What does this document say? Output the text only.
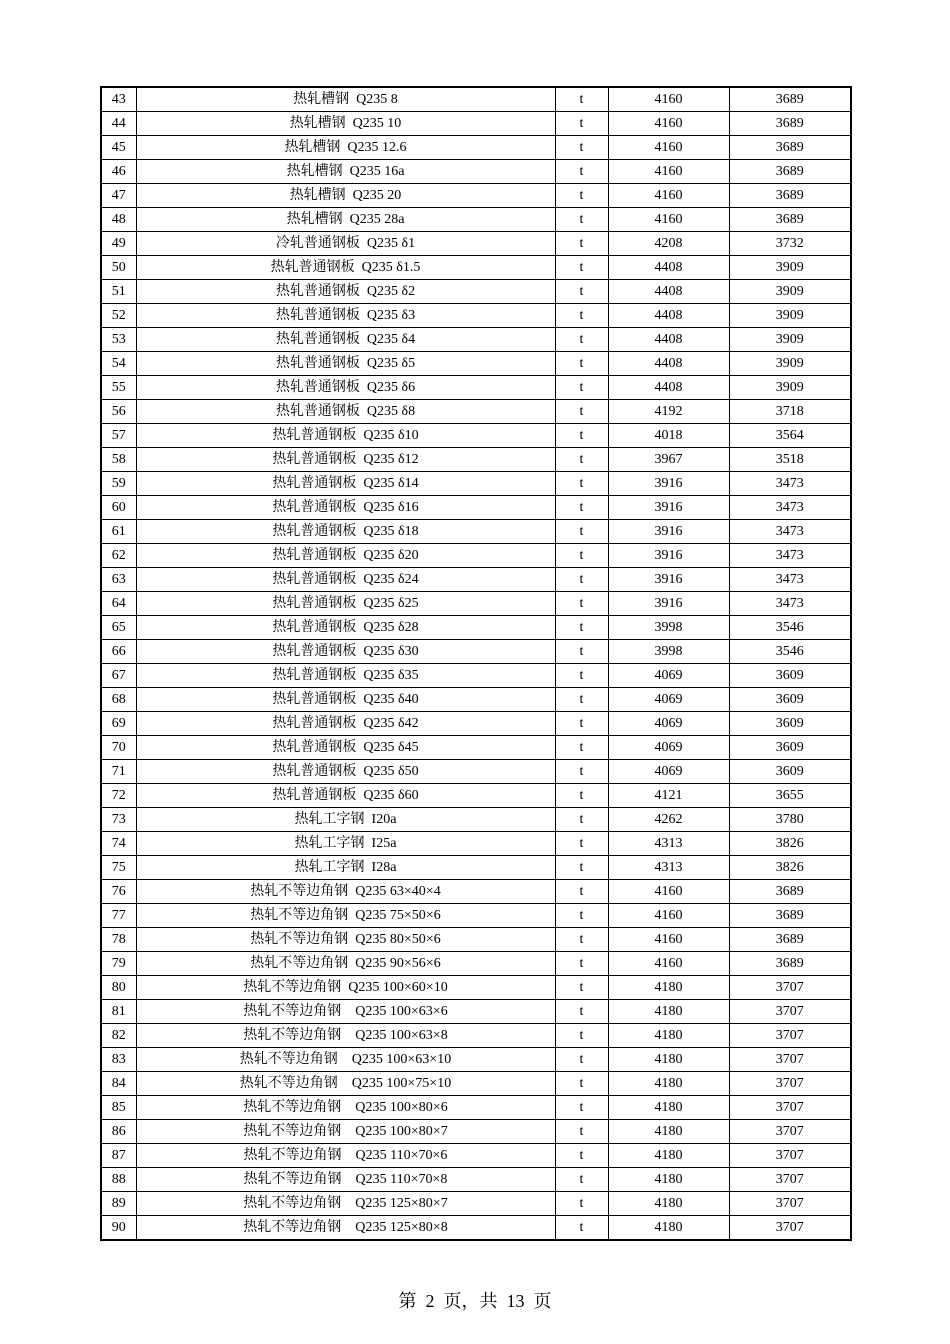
43	热轧槽钢  Q235 8	t	4160	3689
44	热轧槽钢  Q235 10	t	4160	3689
45	热轧槽钢  Q235 12.6	t	4160	3689
46	热轧槽钢  Q235 16a	t	4160	3689
47	热轧槽钢  Q235 20	t	4160	3689
48	热轧槽钢  Q235 28a	t	4160	3689
49	冷轧普通钢板  Q235 δ1	t	4208	3732
50	热轧普通钢板  Q235 δ1.5	t	4408	3909
51	热轧普通钢板  Q235 δ2	t	4408	3909
52	热轧普通钢板  Q235 δ3	t	4408	3909
53	热轧普通钢板  Q235 δ4	t	4408	3909
54	热轧普通钢板  Q235 δ5	t	4408	3909
55	热轧普通钢板  Q235 δ6	t	4408	3909
56	热轧普通钢板  Q235 δ8	t	4192	3718
57	热轧普通钢板  Q235 δ10	t	4018	3564
58	热轧普通钢板  Q235 δ12	t	3967	3518
59	热轧普通钢板  Q235 δ14	t	3916	3473
60	热轧普通钢板  Q235 δ16	t	3916	3473
61	热轧普通钢板  Q235 δ18	t	3916	3473
62	热轧普通钢板  Q235 δ20	t	3916	3473
63	热轧普通钢板  Q235 δ24	t	3916	3473
64	热轧普通钢板  Q235 δ25	t	3916	3473
65	热轧普通钢板  Q235 δ28	t	3998	3546
66	热轧普通钢板  Q235 δ30	t	3998	3546
67	热轧普通钢板  Q235 δ35	t	4069	3609
68	热轧普通钢板  Q235 δ40	t	4069	3609
69	热轧普通钢板  Q235 δ42	t	4069	3609
70	热轧普通钢板  Q235 δ45	t	4069	3609
71	热轧普通钢板  Q235 δ50	t	4069	3609
72	热轧普通钢板  Q235 δ60	t	4121	3655
73	热轧工字钢  I20a	t	4262	3780
74	热轧工字钢  I25a	t	4313	3826
75	热轧工字钢  I28a	t	4313	3826
76	热轧不等边角钢  Q235 63×40×4	t	4160	3689
77	热轧不等边角钢  Q235 75×50×6	t	4160	3689
78	热轧不等边角钢  Q235 80×50×6	t	4160	3689
79	热轧不等边角钢  Q235 90×56×6	t	4160	3689
80	热轧不等边角钢  Q235 100×60×10	t	4180	3707
81	热轧不等边角钢    Q235 100×63×6	t	4180	3707
82	热轧不等边角钢    Q235 100×63×8	t	4180	3707
83	热轧不等边角钢    Q235 100×63×10	t	4180	3707
84	热轧不等边角钢    Q235 100×75×10	t	4180	3707
85	热轧不等边角钢    Q235 100×80×6	t	4180	3707
86	热轧不等边角钢    Q235 100×80×7	t	4180	3707
87	热轧不等边角钢    Q235 110×70×6	t	4180	3707
88	热轧不等边角钢    Q235 110×70×8	t	4180	3707
89	热轧不等边角钢    Q235 125×80×7	t	4180	3707
90	热轧不等边角钢    Q235 125×80×8	t	4180	3707
第  2  页，共  13  页
